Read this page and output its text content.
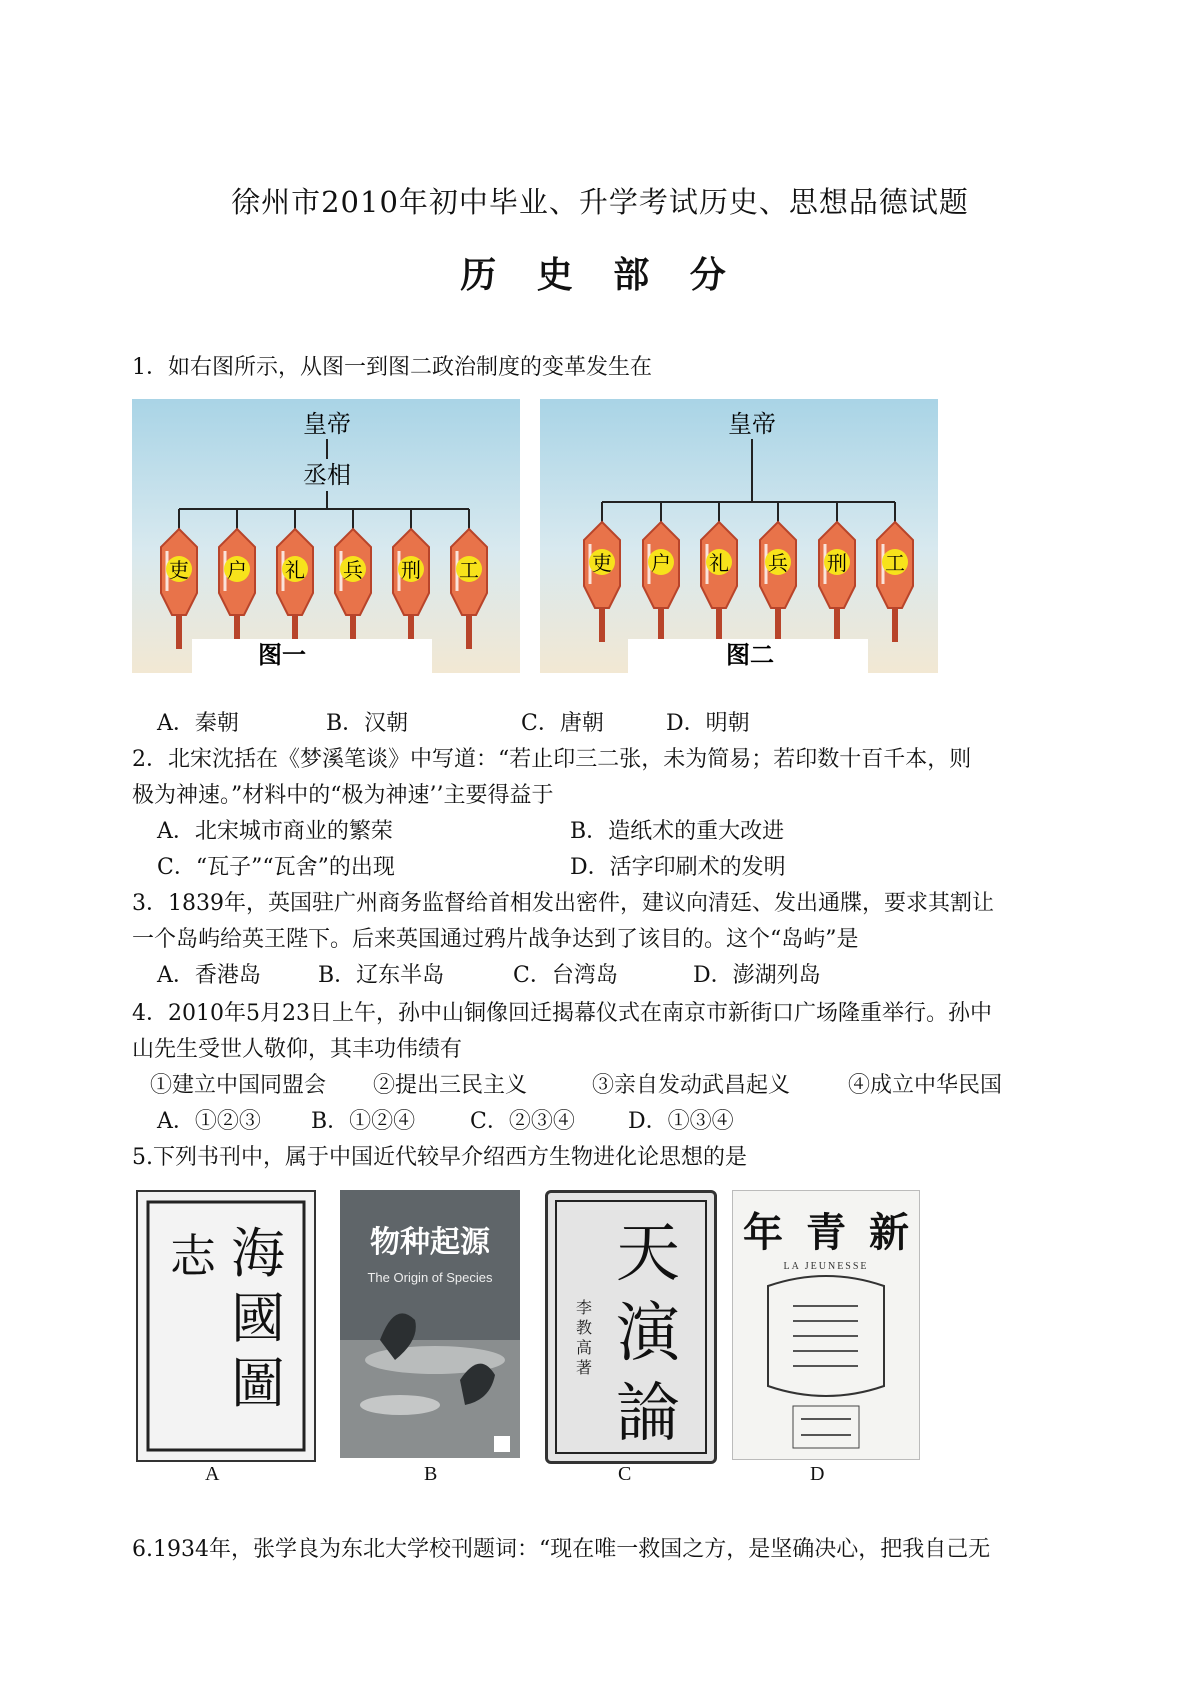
徐州市2010年初中毕业、升学考试历史、思想品德试题
历 史 部 分
1．如右图所示，从图一到图二政治制度的变革发生在
皇帝
丞相
吏 户 礼 兵 刑 工
图一
皇帝
吏 户 礼 兵 刑 工
图二
A．秦朝	B．汉朝	C．唐朝	D．明朝
2．北宋沈括在《梦溪笔谈》中写道：“若止印三二张，未为简易；若印数十百千本，则
极为神速。”材料中的“极为神速’’主要得益于
A．北宋城市商业的繁荣	B．造纸术的重大改进
C．“瓦子”“瓦舍”的出现	D．活字印刷术的发明
3．1839年，英国驻广州商务监督给首相发出密件，建议向清廷、发出通牒，要求其割让
一个岛屿给英王陛下。后来英国通过鸦片战争达到了该目的。这个“岛屿”是
A．香港岛	B．辽东半岛	C．台湾岛	D．澎湖列岛
4．2010年5月23日上午，孙中山铜像回迁揭幕仪式在南京市新街口广场隆重举行。孙中
山先生受世人敬仰，其丰功伟绩有
①建立中国同盟会 ②提出三民主义	③亲自发动武昌起义	④成立中华民国
A．①②③ B．①②④ C．②③④ D．①③④
5.下列书刊中，属于中国近代较早介绍西方生物进化论思想的是
海
國
圖
志
A
物种起源
The Origin of Species
B
天
演
論
李
教
高
著
C
年 青 新
LA JEUNESSE
D
6.1934年，张学良为东北大学校刊题词：“现在唯一救国之方，是坚确决心，把我自己无
